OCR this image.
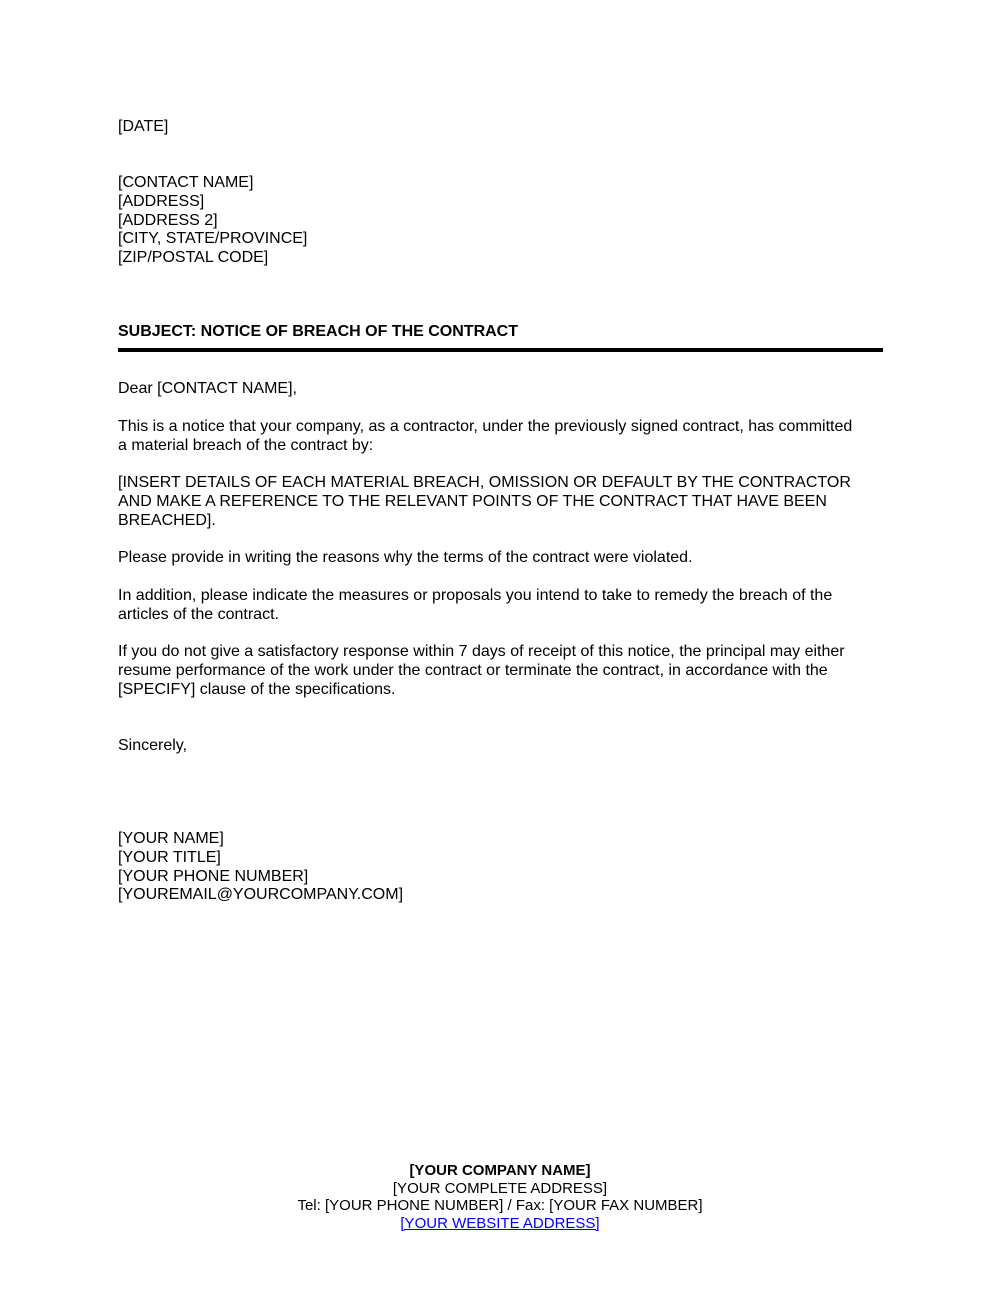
[DATE]
[CONTACT NAME]
[ADDRESS]
[ADDRESS 2]
[CITY, STATE/PROVINCE]
[ZIP/POSTAL CODE]
SUBJECT: NOTICE OF BREACH OF THE CONTRACT
Dear [CONTACT NAME],
This is a notice that your company, as a contractor, under the previously signed contract, has committed
a material breach of the contract by:
[INSERT DETAILS OF EACH MATERIAL BREACH, OMISSION OR DEFAULT BY THE CONTRACTOR
AND MAKE A REFERENCE TO THE RELEVANT POINTS OF THE CONTRACT THAT HAVE BEEN
BREACHED].
Please provide in writing the reasons why the terms of the contract were violated.
In addition, please indicate the measures or proposals you intend to take to remedy the breach of the
articles of the contract.
If you do not give a satisfactory response within 7 days of receipt of this notice, the principal may either
resume performance of the work under the contract or terminate the contract, in accordance with the
[SPECIFY] clause of the specifications.
Sincerely,
[YOUR NAME]
[YOUR TITLE]
[YOUR PHONE NUMBER]
[YOUREMAIL@YOURCOMPANY.COM]
[YOUR COMPANY NAME]
[YOUR COMPLETE ADDRESS]
Tel: [YOUR PHONE NUMBER] / Fax: [YOUR FAX NUMBER]
[YOUR WEBSITE ADDRESS]
